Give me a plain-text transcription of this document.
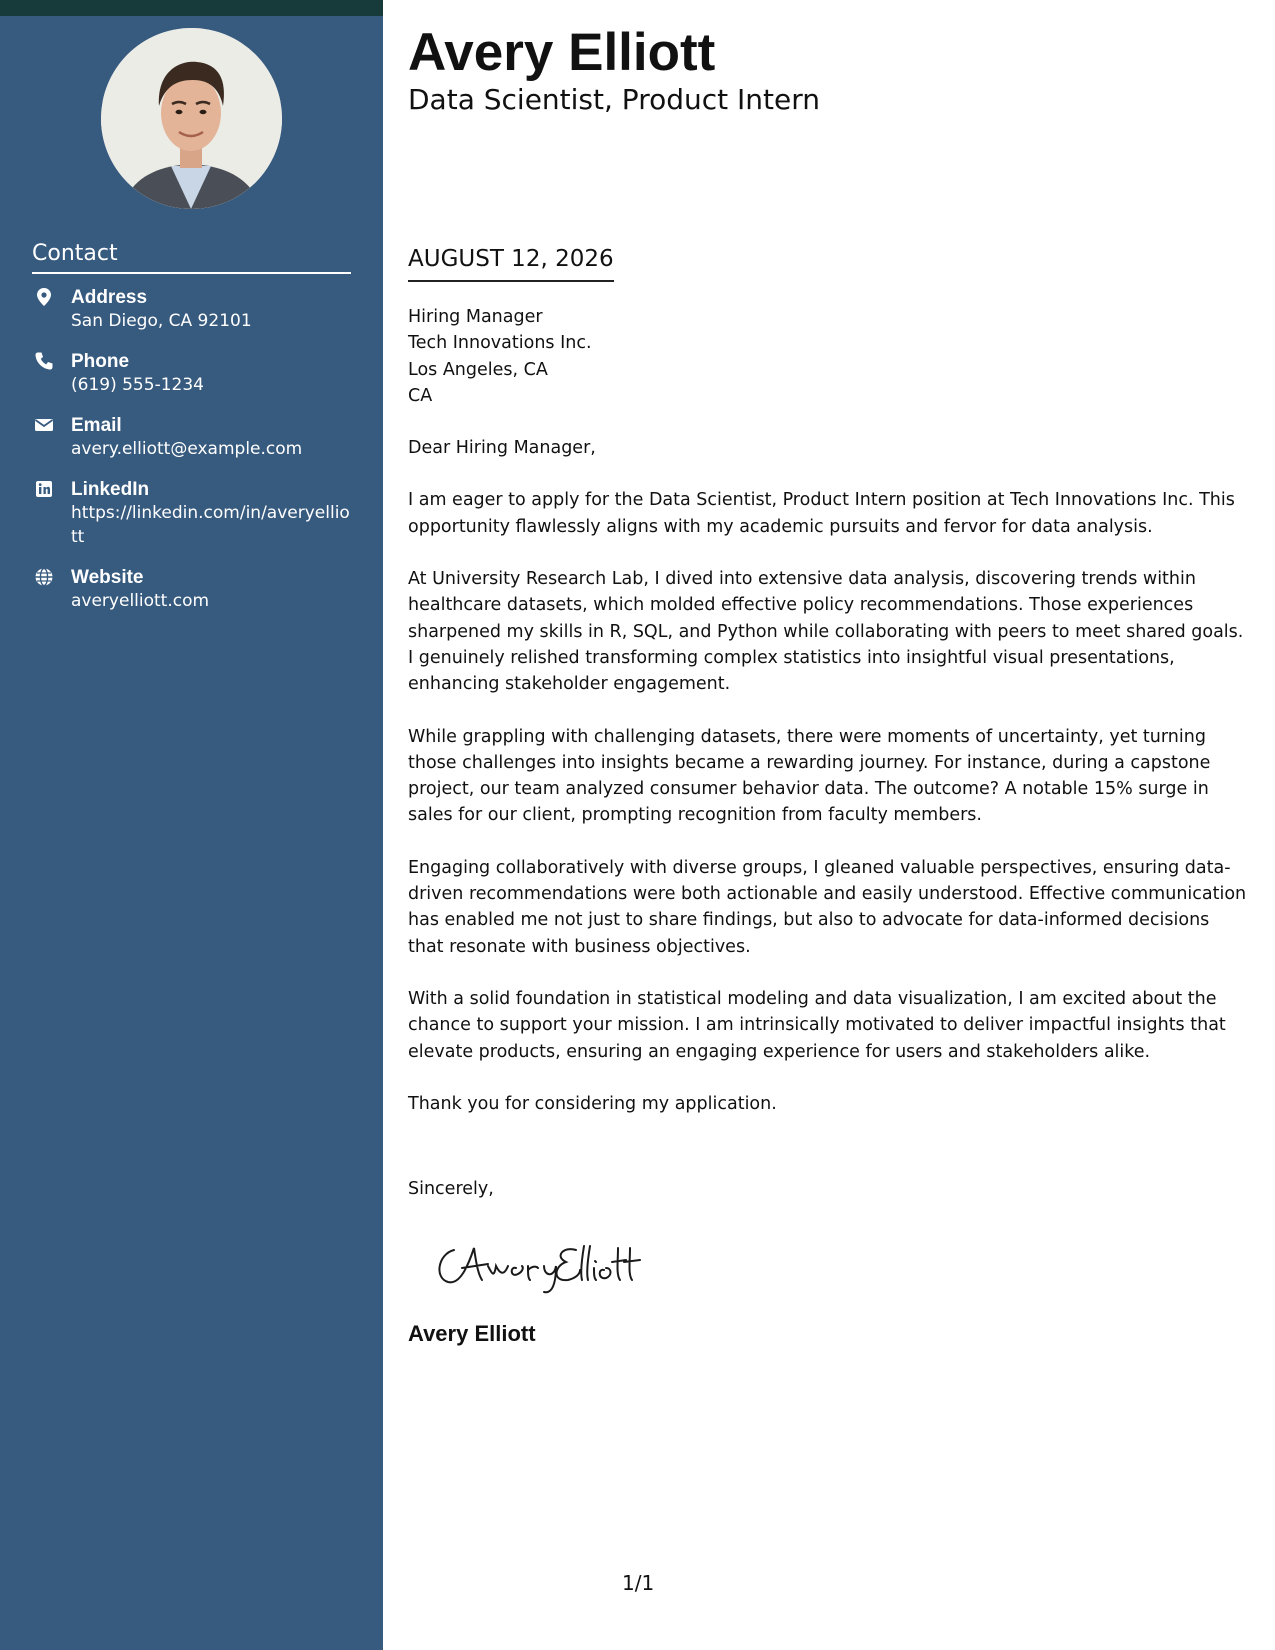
Contact
Address
San Diego, CA 92101
Phone
(619) 555-1234
Email
avery.elliott@example.com
LinkedIn
https://linkedin.com/in/averyelliott
Website
averyelliott.com
Avery Elliott
Data Scientist, Product Intern
AUGUST 12, 2026
Hiring Manager
Tech Innovations Inc.
Los Angeles, CA
CA

Dear Hiring Manager,

I am eager to apply for the Data Scientist, Product Intern position at Tech Innovations Inc. This opportunity flawlessly aligns with my academic pursuits and fervor for data analysis.

At University Research Lab, I dived into extensive data analysis, discovering trends within healthcare datasets, which molded effective policy recommendations. Those experiences sharpened my skills in R, SQL, and Python while collaborating with peers to meet shared goals. I genuinely relished transforming complex statistics into insightful visual presentations, enhancing stakeholder engagement.

While grappling with challenging datasets, there were moments of uncertainty, yet turning those challenges into insights became a rewarding journey. For instance, during a capstone project, our team analyzed consumer behavior data. The outcome? A notable 15% surge in sales for our client, prompting recognition from faculty members.

Engaging collaboratively with diverse groups, I gleaned valuable perspectives, ensuring data-driven recommendations were both actionable and easily understood. Effective communication has enabled me not just to share findings, but also to advocate for data-informed decisions that resonate with business objectives.

With a solid foundation in statistical modeling and data visualization, I am excited about the chance to support your mission. I am intrinsically motivated to deliver impactful insights that elevate products, ensuring an engaging experience for users and stakeholders alike.

Thank you for considering my application.

Sincerely,
Avery Elliott
1/1
